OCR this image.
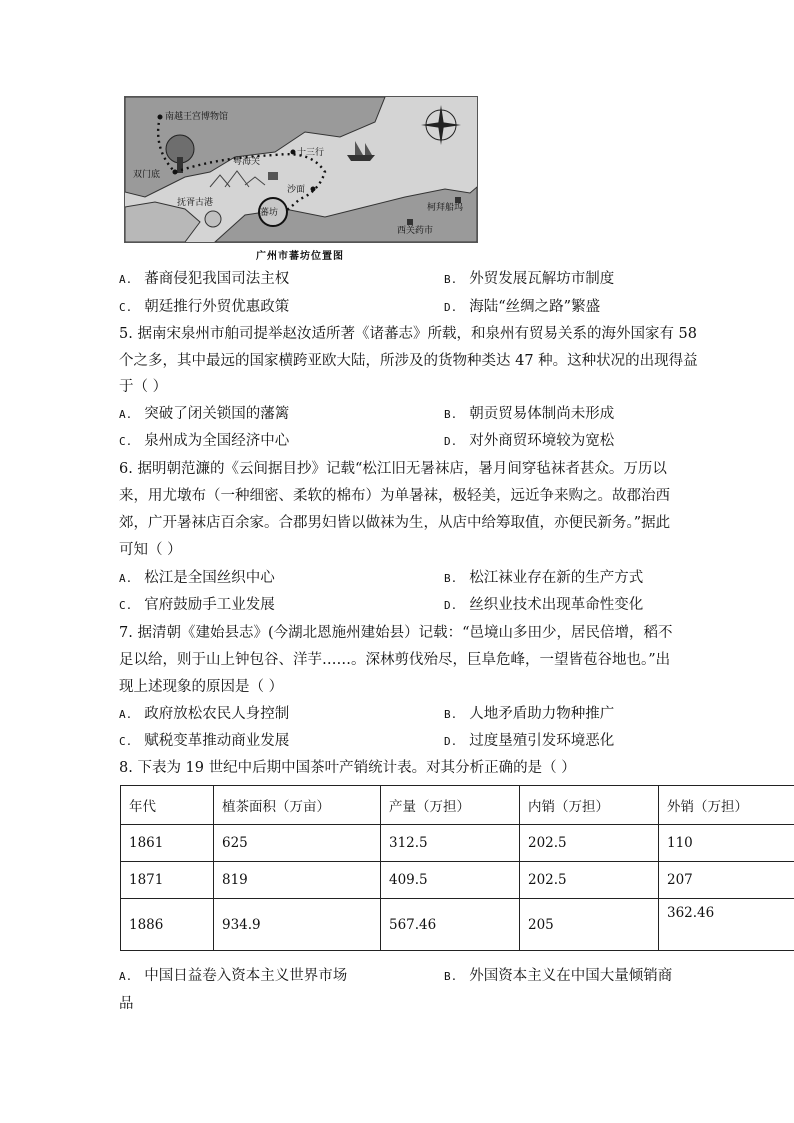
南越王宫博物馆
双门底
粤海关
十三行
沙面
抚胥古港
蕃坊	柯拜船坞
西关药市
广州市蕃坊位置图
A. 蕃商侵犯我国司法主权	B. 外贸发展瓦解坊市制度
C. 朝廷推行外贸优惠政策	D. 海陆“丝绸之路”繁盛
5. 据南宋泉州市舶司提举赵汝适所著《诸蕃志》所载，和泉州有贸易关系的海外国家有 58
个之多，其中最远的国家横跨亚欧大陆，所涉及的货物种类达 47 种。这种状况的出现得益
于（ ）
A. 突破了闭关锁国的藩篱	B. 朝贡贸易体制尚未形成
C. 泉州成为全国经济中心	D. 对外商贸环境较为宽松
6. 据明朝范濂的《云间据目抄》记载“松江旧无暑袜店，暑月间穿毡袜者甚众。万历以
来，用尤墩布（一种细密、柔软的棉布）为单暑袜，极轻美，远近争来购之。故郡治西
郊，广开暑袜店百余家。合郡男妇皆以做袜为生，从店中给筹取值，亦便民新务。”据此
可知（ ）
A. 松江是全国丝织中心	B. 松江袜业存在新的生产方式
C. 官府鼓励手工业发展	D. 丝织业技术出现革命性变化
7. 据清朝《建始县志》(今湖北恩施州建始县）记载：“邑境山多田少，居民倍增，稻不
足以给，则于山上钟包谷、洋芋……。深林剪伐殆尽，巨阜危峰，一望皆苞谷地也。”出
现上述现象的原因是（ ）
A. 政府放松农民人身控制	B. 人地矛盾助力物种推广
C. 赋税变革推动商业发展	D. 过度垦殖引发环境恶化
8. 下表为 19 世纪中后期中国茶叶产销统计表。对其分析正确的是（ ）
年代	植茶面积（万亩）	产量（万担）	内销（万担）	外销（万担）
1861	625	312.5	202.5	110
1871	819	409.5	202.5	207
1886	934.9	567.46	205	362.46
A. 中国日益卷入资本主义世界市场	B. 外国资本主义在中国大量倾销商
品
